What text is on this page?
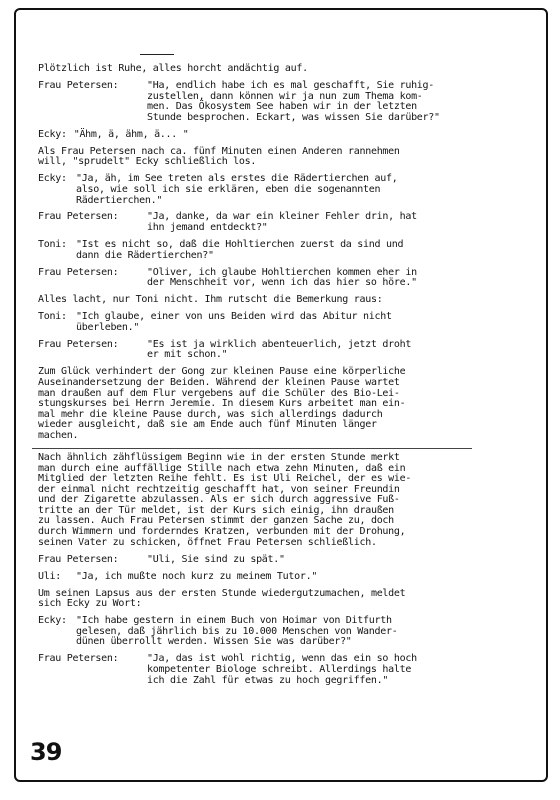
Plötzlich ist Ruhe, alles horcht andächtig auf.
Frau Petersen:	"Ha, endlich habe ich es mal geschafft, Sie ruhig-
zustellen, dann können wir ja nun zum Thema kom-
men. Das Ökosystem See haben wir in der letzten
Stunde besprochen. Eckart, was wissen Sie darüber?"
Ecky: "Ähm, ä, ähm, ä... "
Als Frau Petersen nach ca. fünf Minuten einen Anderen rannehmen
will, "sprudelt" Ecky schließlich los.
Ecky: "Ja, äh, im See treten als erstes die Rädertierchen auf,
also, wie soll ich sie erklären, eben die sogenannten
Rädertierchen."
Frau Petersen:	"Ja, danke, da war ein kleiner Fehler drin, hat
ihn jemand entdeckt?"
Toni: "Ist es nicht so, daß die Hohltierchen zuerst da sind und
dann die Rädertierchen?"
Frau Petersen:	"Oliver, ich glaube Hohltierchen kommen eher in
der Menschheit vor, wenn ich das hier so höre."
Alles lacht, nur Toni nicht. Ihm rutscht die Bemerkung raus:
Toni: "Ich glaube, einer von uns Beiden wird das Abitur nicht
überleben."
Frau Petersen:	"Es ist ja wirklich abenteuerlich, jetzt droht
er mit schon."
Zum Glück verhindert der Gong zur kleinen Pause eine körperliche
Auseinandersetzung der Beiden. Während der kleinen Pause wartet
man draußen auf dem Flur vergebens auf die Schüler des Bio-Lei-
stungskurses bei Herrn Jeremie. In diesem Kurs arbeitet man ein-
mal mehr die kleine Pause durch, was sich allerdings dadurch
wieder ausgleicht, daß sie am Ende auch fünf Minuten länger
machen.
Nach ähnlich zähflüssigem Beginn wie in der ersten Stunde merkt
man durch eine auffällige Stille nach etwa zehn Minuten, daß ein
Mitglied der letzten Reihe fehlt. Es ist Uli Reichel, der es wie-
der einmal nicht rechtzeitig geschafft hat, von seiner Freundin
und der Zigarette abzulassen. Als er sich durch aggressive Fuß-
tritte an der Tür meldet, ist der Kurs sich einig, ihn draußen
zu lassen. Auch Frau Petersen stimmt der ganzen Sache zu, doch
durch Wimmern und forderndes Kratzen, verbunden mit der Drohung,
seinen Vater zu schicken, öffnet Frau Petersen schließlich.
Frau Petersen:	"Uli, Sie sind zu spät."
Uli:	"Ja, ich mußte noch kurz zu meinem Tutor."
Um seinen Lapsus aus der ersten Stunde wiedergutzumachen, meldet
sich Ecky zu Wort:
Ecky: "Ich habe gestern in einem Buch von Hoimar von Ditfurth
gelesen, daß jährlich bis zu 10.000 Menschen von Wander-
dünen überrollt werden. Wissen Sie was darüber?"
Frau Petersen:	"Ja, das ist wohl richtig, wenn das ein so hoch
kompetenter Biologe schreibt. Allerdings halte
ich die Zahl für etwas zu hoch gegriffen."
39
